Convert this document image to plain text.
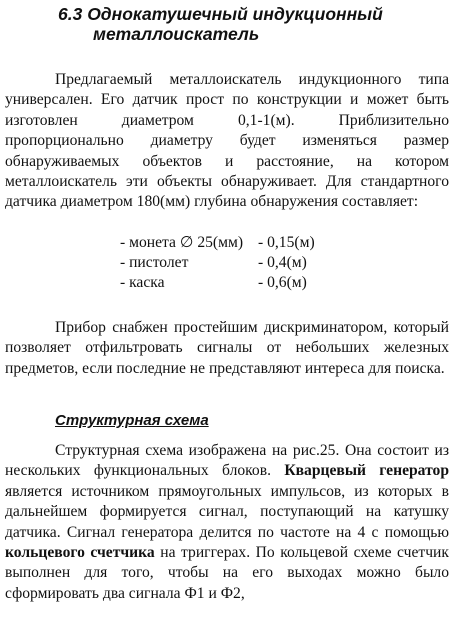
6.3 Однокатушечный индукционный
металлоискатель

Предлагаемый металлоискатель индукционного типа универсален. Его датчик прост по конструкции и может быть изготовлен диаметром 0,1-1(м). Приблизительно пропорционально диаметру будет изменяться размер обнаруживаемых объектов и расстояние, на котором металлоискатель эти объекты обнаруживает. Для стандартного датчика диаметром 180(мм) глубина обнаружения составляет:

- монета ∅ 25(мм) - 0,15(м)
- пистолет	- 0,4(м)
- каска	- 0,6(м)

Прибор снабжен простейшим дискриминатором, который позволяет отфильтровать сигналы от небольших железных предметов, если последние не представляют интереса для поиска.

Структурная схема

Структурная схема изображена на рис.25. Она состоит из нескольких функциональных блоков. Кварцевый генератор является источником прямоугольных импульсов, из которых в дальнейшем формируется сигнал, поступающий на катушку датчика. Сигнал генератора делится по частоте на 4 с помощью кольцевого счетчика на триггерах. По кольцевой схеме счетчик выполнен для того, чтобы на его выходах можно было сформировать два сигнала Ф1 и Ф2,
